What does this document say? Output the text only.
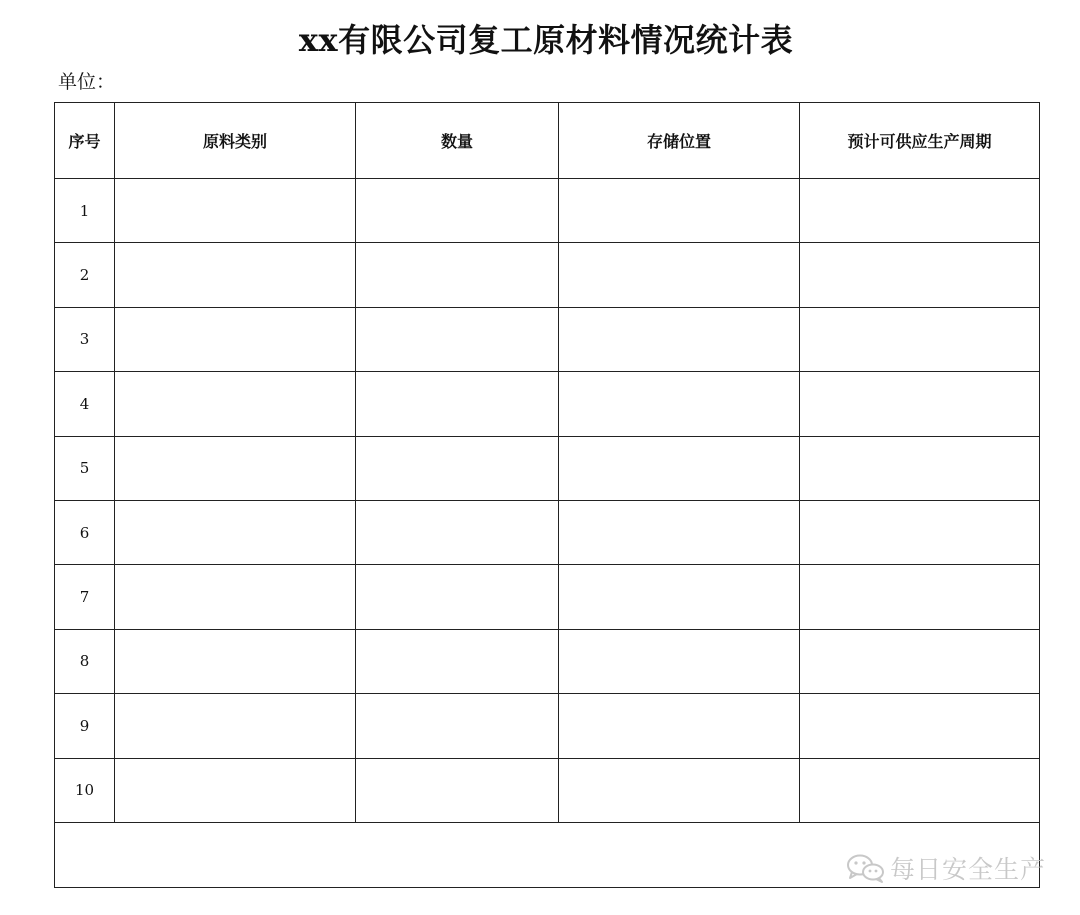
xx有限公司复工原材料情况统计表
单位：
序号	原料类别	数量	存储位置	预计可供应生产周期
1				
2				
3				
4				
5				
6				
7				
8				
9				
10				

每日安全生产
